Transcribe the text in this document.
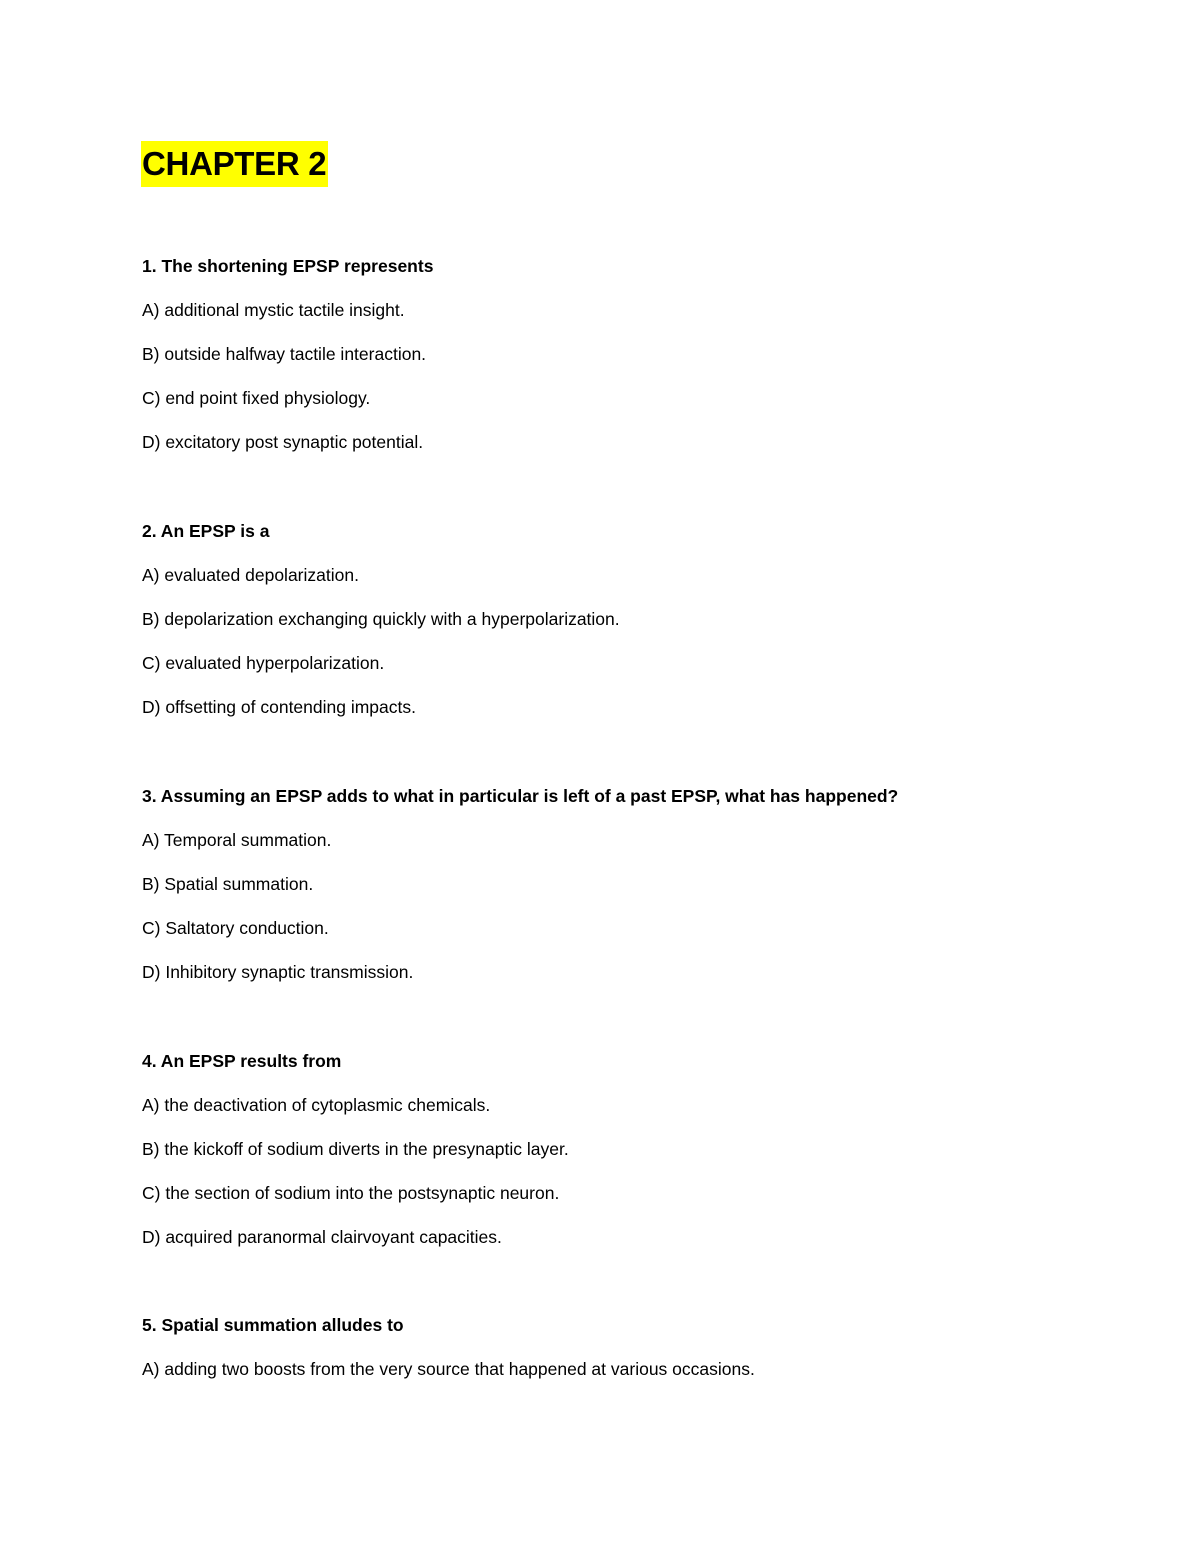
CHAPTER 2
1. The shortening EPSP represents
A) additional mystic tactile insight.
B) outside halfway tactile interaction.
C) end point fixed physiology.
D) excitatory post synaptic potential.
2. An EPSP is a
A) evaluated depolarization.
B) depolarization exchanging quickly with a hyperpolarization.
C) evaluated hyperpolarization.
D) offsetting of contending impacts.
3. Assuming an EPSP adds to what in particular is left of a past EPSP, what has happened?
A) Temporal summation.
B) Spatial summation.
C) Saltatory conduction.
D) Inhibitory synaptic transmission.
4. An EPSP results from
A) the deactivation of cytoplasmic chemicals.
B) the kickoff of sodium diverts in the presynaptic layer.
C) the section of sodium into the postsynaptic neuron.
D) acquired paranormal clairvoyant capacities.
5. Spatial summation alludes to
A) adding two boosts from the very source that happened at various occasions.
